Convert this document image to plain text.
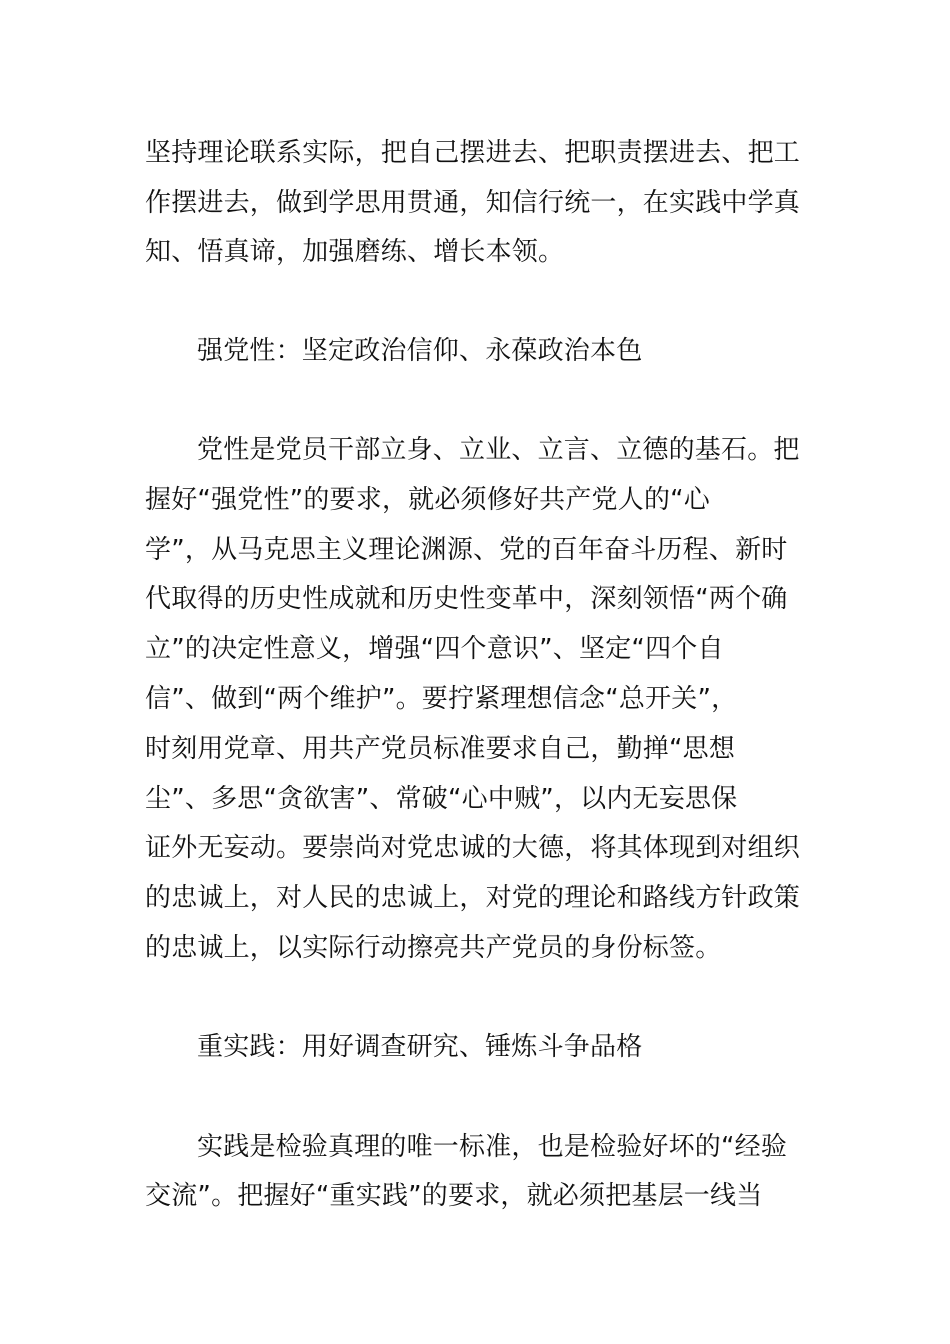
坚持理论联系实际，把自己摆进去、把职责摆进去、把工
作摆进去，做到学思用贯通，知信行统一，在实践中学真
知、悟真谛，加强磨练、增长本领。
强党性：坚定政治信仰、永葆政治本色
党性是党员干部立身、立业、立言、立德的基石。把
握好“强党性”的要求，就必须修好共产党人的“心
学”，从马克思主义理论渊源、党的百年奋斗历程、新时
代取得的历史性成就和历史性变革中，深刻领悟“两个确
立”的决定性意义，增强“四个意识”、坚定“四个自
信”、做到“两个维护”。要拧紧理想信念“总开关”，
时刻用党章、用共产党员标准要求自己，勤掸“思想
尘”、多思“贪欲害”、常破“心中贼”，以内无妄思保
证外无妄动。要崇尚对党忠诚的大德，将其体现到对组织
的忠诚上，对人民的忠诚上，对党的理论和路线方针政策
的忠诚上，以实际行动擦亮共产党员的身份标签。
重实践：用好调查研究、锤炼斗争品格
实践是检验真理的唯一标准，也是检验好坏的“经验
交流”。把握好“重实践”的要求，就必须把基层一线当
